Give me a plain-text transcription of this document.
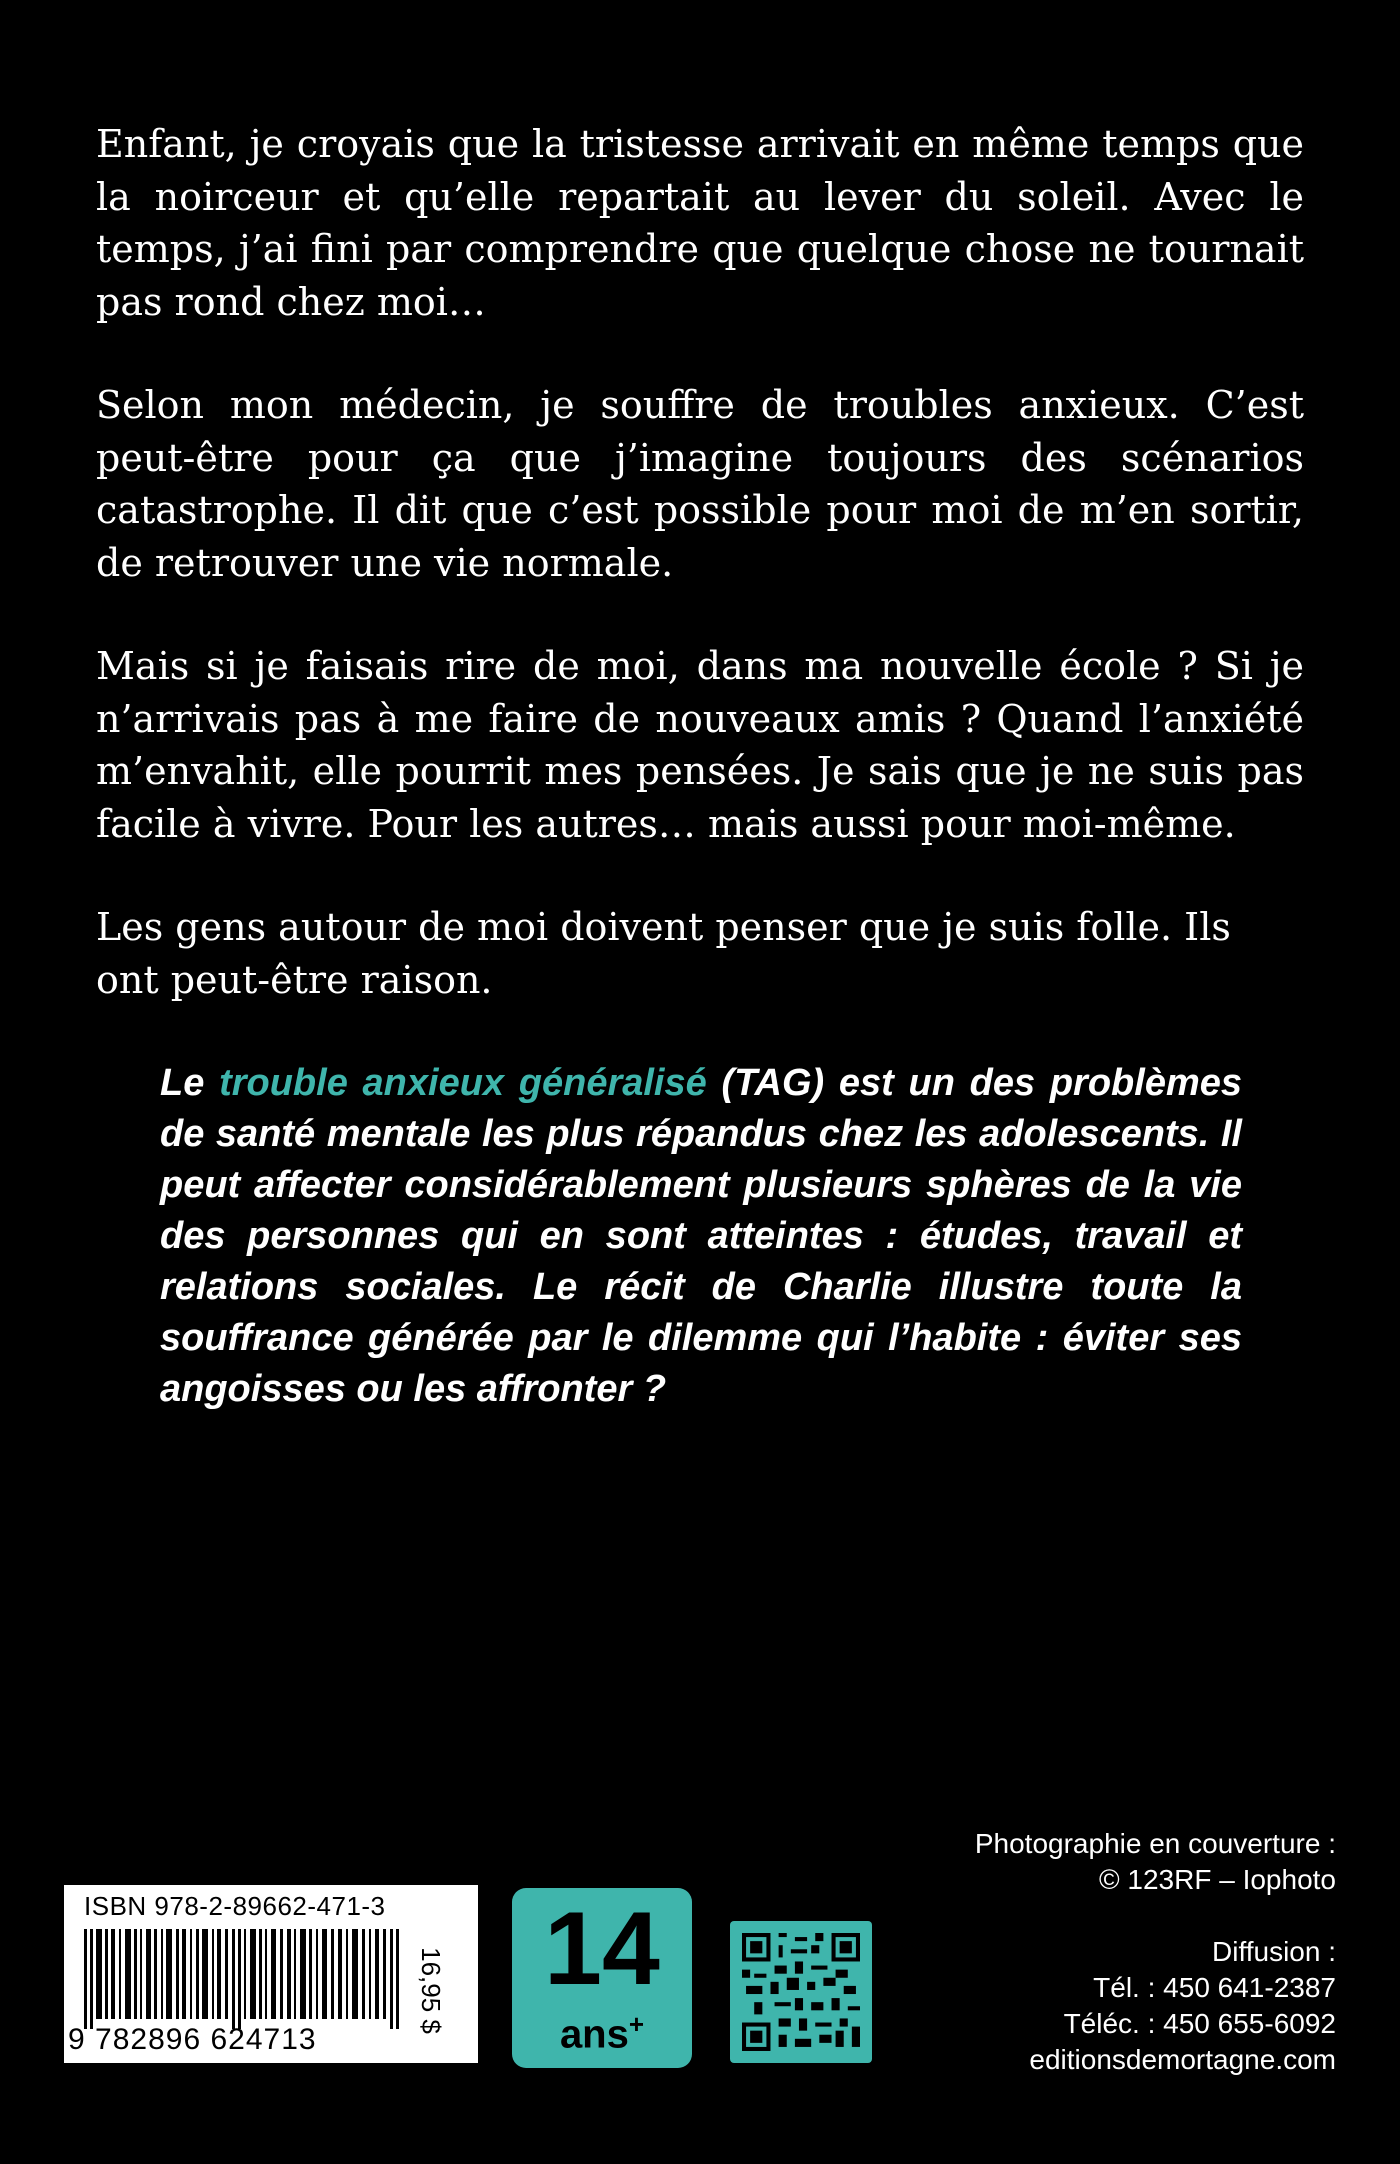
Enfant, je croyais que la tristesse arrivait en même temps que la noirceur et qu’elle repartait au lever du soleil. Avec le temps, j’ai fini par comprendre que quelque chose ne tournait pas rond chez moi…

Selon mon médecin, je souffre de troubles anxieux. C’est peut-être pour ça que j’imagine toujours des scénarios catastrophe. Il dit que c’est possible pour moi de m’en sortir, de retrouver une vie normale.

Mais si je faisais rire de moi, dans ma nouvelle école ? Si je n’arrivais pas à me faire de nouveaux amis ? Quand l’anxiété m’envahit, elle pourrit mes pensées. Je sais que je ne suis pas facile à vivre. Pour les autres… mais aussi pour moi-même.

Les gens autour de moi doivent penser que je suis folle. Ils ont peut-être raison.

Le trouble anxieux généralisé (TAG) est un des problèmes de santé mentale les plus répandus chez les adolescents. Il peut affecter considérablement plusieurs sphères de la vie des personnes qui en sont atteintes : études, travail et relations sociales. Le récit de Charlie illustre toute la souffrance générée par le dilemme qui l’habite : éviter ses angoisses ou les affronter ?
Photographie en couverture :
© 123RF – Iophoto
Diffusion :
Tél. : 450 641-2387
Téléc. : 450 655-6092
editionsdemortagne.com
ISBN 978-2-89662-471-3
9 782896 624713
16,95 $ 14
ans+
